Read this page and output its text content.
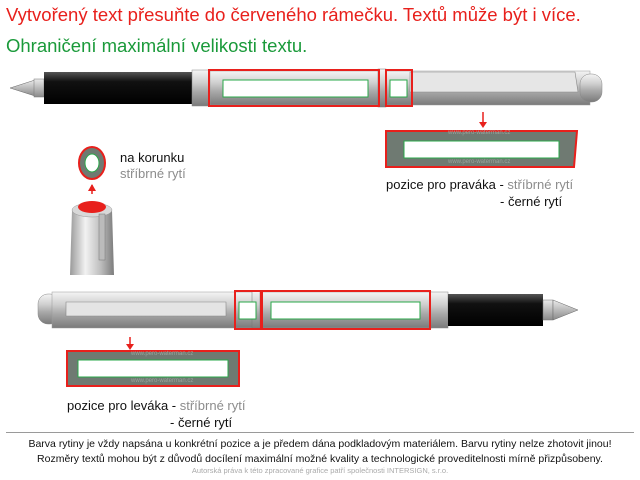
Vytvořený text přesuňte do červeného rámečku. Textů může být i více.
Ohraničení maximální velikosti textu.
www.pero-waterman.cz
www.pero-waterman.cz
www.pero-waterman.cz
www.pero-waterman.cz
na korunku
stříbrné rytí
pozice pro praváka - stříbrné rytí
- černé rytí
pozice pro leváka - stříbrné rytí
- černé rytí
Barva rytiny je vždy napsána u konkrétní pozice a je předem dána podkladovým materiálem. Barvu rytiny nelze zhotovit jinou!
Rozměry textů mohou být z důvodů docílení maximální možné kvality a technologické proveditelnosti mírně přizpůsobeny.
Autorská práva k této zpracované grafice patří společnosti INTERSIGN, s.r.o.
